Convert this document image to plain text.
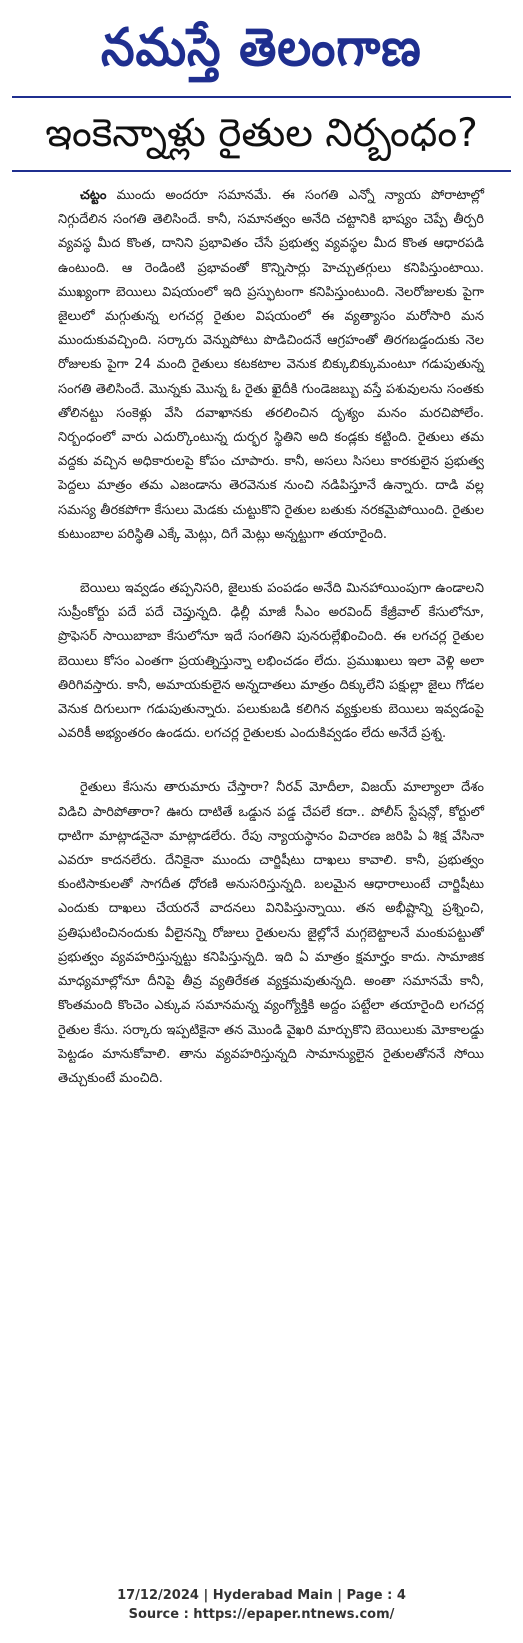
నమస్తే తెలంగాణ
ఇంకెన్నాళ్లు రైతుల నిర్బంధం?

చట్టం ముందు అందరూ సమానమే. ఈ సంగతి ఎన్నో న్యాయ పోరాటాల్లో నిగ్గుదేలిన సంగతి తెలిసిందే. కానీ, సమానత్వం అనేది చట్టానికి భాష్యం చెప్పే తీర్పరి వ్యవస్థ మీద కొంత, దానిని ప్రభావితం చేసే ప్రభుత్వ వ్యవస్థల మీద కొంత ఆధారపడి ఉంటుంది. ఆ రెండింటి ప్రభావంతో కొన్నిసార్లు హెచ్చుతగ్గులు కనిపిస్తుంటాయి. ముఖ్యంగా బెయిలు విషయంలో ఇది ప్రస్ఫుటంగా కనిపిస్తుంటుంది. నెలరోజులకు పైగా జైలులో మగ్గుతున్న లగచర్ల రైతుల విషయంలో ఈ వ్యత్యాసం మరోసారి మన ముందుకువచ్చింది. సర్కారు వెన్నుపోటు పొడిచిందనే ఆగ్రహంతో తిరగబడ్డందుకు నెల రోజులకు పైగా 24 మంది రైతులు కటకటాల వెనుక బిక్కుబిక్కుమంటూ గడుపుతున్న సంగతి తెలిసిందే. మొన్నకు మొన్న ఓ రైతు ఖైదీకి గుండెజబ్బు వస్తే పశువులను సంతకు తోలినట్టు సంకెళ్లు వేసి దవాఖానకు తరలించిన దృశ్యం మనం మరచిపోలేం. నిర్బంధంలో వారు ఎదుర్కొంటున్న దుర్భర స్థితిని అది కండ్లకు కట్టింది. రైతులు తమ వద్దకు వచ్చిన అధికారులపై కోపం చూపారు. కానీ, అసలు సిసలు కారకులైన ప్రభుత్వ పెద్దలు మాత్రం తమ ఎజండాను తెరవెనుక నుంచి నడిపిస్తూనే ఉన్నారు. దాడి వల్ల సమస్య తీరకపోగా కేసులు మెడకు చుట్టుకొని రైతుల బతుకు నరకమైపోయింది. రైతుల కుటుంబాల పరిస్థితి ఎక్కే మెట్లు, దిగే మెట్లు అన్నట్టుగా తయారైంది.

బెయిలు ఇవ్వడం తప్పనిసరి, జైలుకు పంపడం అనేది మినహాయింపుగా ఉండాలని సుప్రీంకోర్టు పదే పదే చెప్తున్నది. ఢిల్లీ మాజీ సీఎం అరవింద్ కేజ్రీవాల్ కేసులోనూ, ప్రొఫెసర్ సాయిబాబా కేసులోనూ ఇదే సంగతిని పునరుల్లేఖించింది. ఈ లగచర్ల రైతుల బెయిలు కోసం ఎంతగా ప్రయత్నిస్తున్నా లభించడం లేదు. ప్రముఖులు ఇలా వెళ్లి అలా తిరిగివస్తారు. కానీ, అమాయకులైన అన్నదాతలు మాత్రం దిక్కులేని పక్షుల్లా జైలు గోడల వెనుక దిగులుగా గడుపుతున్నారు. పలుకుబడి కలిగిన వ్యక్తులకు బెయిలు ఇవ్వడంపై ఎవరికీ అభ్యంతరం ఉండదు. లగచర్ల రైతులకు ఎందుకివ్వడం లేదు అనేదే ప్రశ్న.

రైతులు కేసును తారుమారు చేస్తారా? నీరవ్ మోదీలా, విజయ్ మాల్యాలా దేశం విడిచి పారిపోతారా? ఊరు దాటితే ఒడ్డున పడ్డ చేపలే కదా.. పోలీస్ స్టేషన్లో, కోర్టులో ధాటిగా మాట్లాడనైనా మాట్లాడలేరు. రేపు న్యాయస్థానం విచారణ జరిపి ఏ శిక్ష వేసినా ఎవరూ కాదనలేరు. దేనికైనా ముందు చార్జిషీటు దాఖలు కావాలి. కానీ, ప్రభుత్వం కుంటిసాకులతో సాగదీత ధోరణి అనుసరిస్తున్నది. బలమైన ఆధారాలుంటే చార్జిషీటు ఎందుకు దాఖలు చేయరనే వాదనలు వినిపిస్తున్నాయి. తన అభీష్టాన్ని ప్రశ్నించి, ప్రతిఘటించినందుకు వీలైనన్ని రోజులు రైతులను జైల్లోనే మగ్గబెట్టాలనే మంకుపట్టుతో ప్రభుత్వం వ్యవహరిస్తున్నట్టు కనిపిస్తున్నది. ఇది ఏ మాత్రం క్షమార్హం కాదు. సామాజిక మాధ్యమాల్లోనూ దీనిపై తీవ్ర వ్యతిరేకత వ్యక్తమవుతున్నది. అంతా సమానమే కానీ, కొంతమంది కొంచెం ఎక్కువ సమానమన్న వ్యంగ్యోక్తికి అద్దం పట్టేలా తయారైంది లగచర్ల రైతుల కేసు. సర్కారు ఇప్పటికైనా తన మొండి వైఖరి మార్చుకొని బెయిలుకు మోకాలడ్డు పెట్టడం మానుకోవాలి. తాను వ్యవహరిస్తున్నది సామాన్యులైన రైతులతోననే సోయి తెచ్చుకుంటే మంచిది.

17/12/2024 | Hyderabad Main | Page : 4
Source : https://epaper.ntnews.com/
